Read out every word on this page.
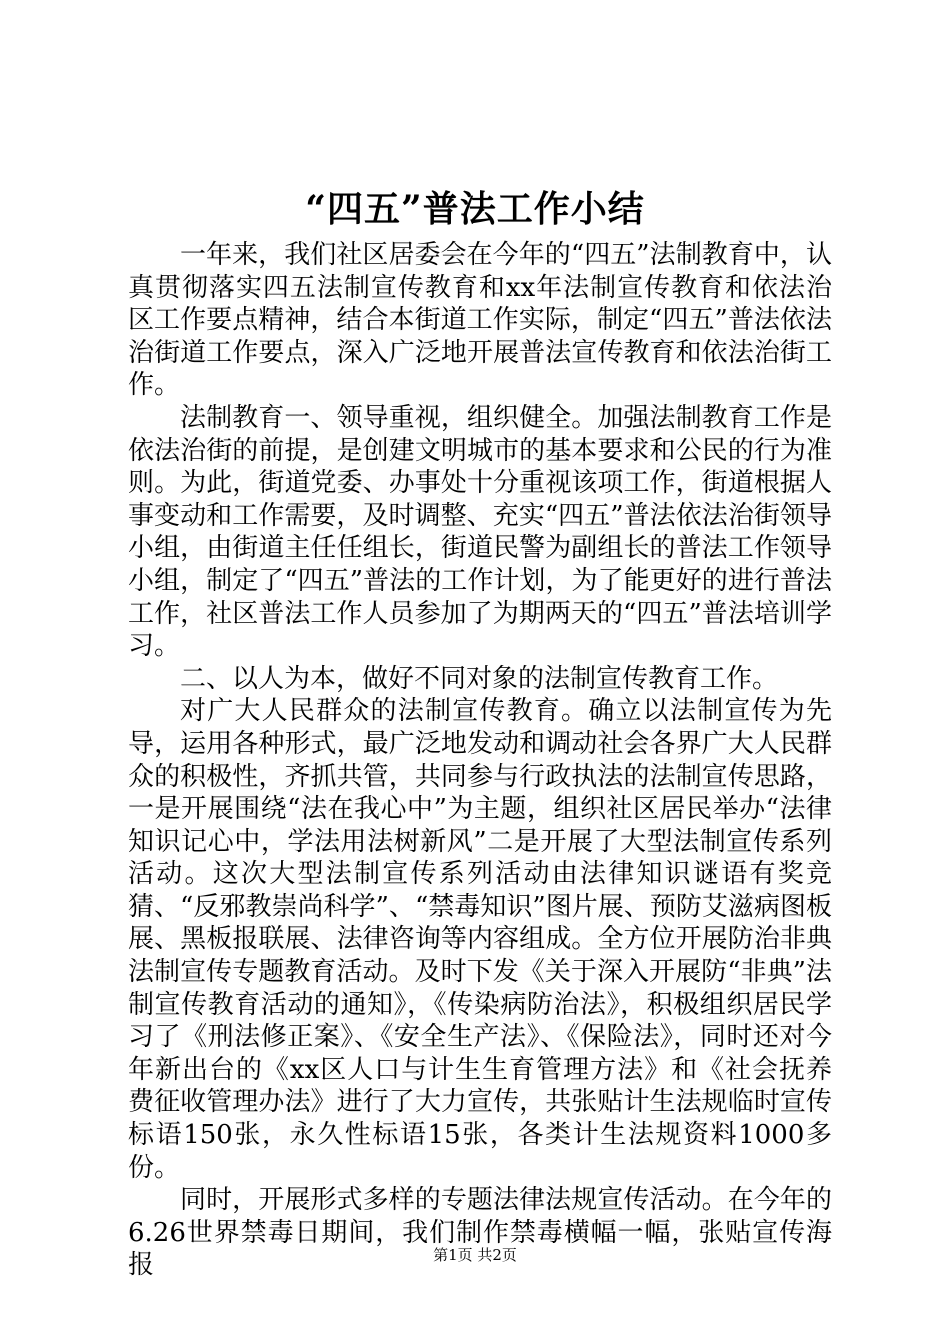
“四五”普法工作小结

一年来，我们社区居委会在今年的“四五”法制教育中，认真贯彻落实四五法制宣传教育和xx年法制宣传教育和依法治区工作要点精神，结合本街道工作实际，制定“四五”普法依法治街道工作要点，深入广泛地开展普法宣传教育和依法治街工作。

法制教育一、领导重视，组织健全。加强法制教育工作是依法治街的前提，是创建文明城市的基本要求和公民的行为准则。为此，街道党委、办事处十分重视该项工作，街道根据人事变动和工作需要，及时调整、充实“四五”普法依法治街领导小组，由街道主任任组长，街道民警为副组长的普法工作领导小组，制定了“四五”普法的工作计划，为了能更好的进行普法工作，社区普法工作人员参加了为期两天的“四五”普法培训学习。

二、以人为本，做好不同对象的法制宣传教育工作。

对广大人民群众的法制宣传教育。确立以法制宣传为先导，运用各种形式，最广泛地发动和调动社会各界广大人民群众的积极性，齐抓共管，共同参与行政执法的法制宣传思路，一是开展围绕“法在我心中”为主题，组织社区居民举办“法律知识记心中，学法用法树新风”二是开展了大型法制宣传系列活动。这次大型法制宣传系列活动由法律知识谜语有奖竞猜、“反邪教崇尚科学”、“禁毒知识”图片展、预防艾滋病图板展、黑板报联展、法律咨询等内容组成。全方位开展防治非典法制宣传专题教育活动。及时下发《关于深入开展防“非典”法制宣传教育活动的通知》，《传染病防治法》，积极组织居民学习了《刑法修正案》、《安全生产法》、《保险法》，同时还对今年新出台的《xx区人口与计生生育管理方法》和《社会抚养费征收管理办法》进行了大力宣传，共张贴计生法规临时宣传标语150张，永久性标语15张，各类计生法规资料1000多份。

同时，开展形式多样的专题法律法规宣传活动。在今年的6.26世界禁毒日期间，我们制作禁毒横幅一幅，张贴宣传海报	第1页 共2页
